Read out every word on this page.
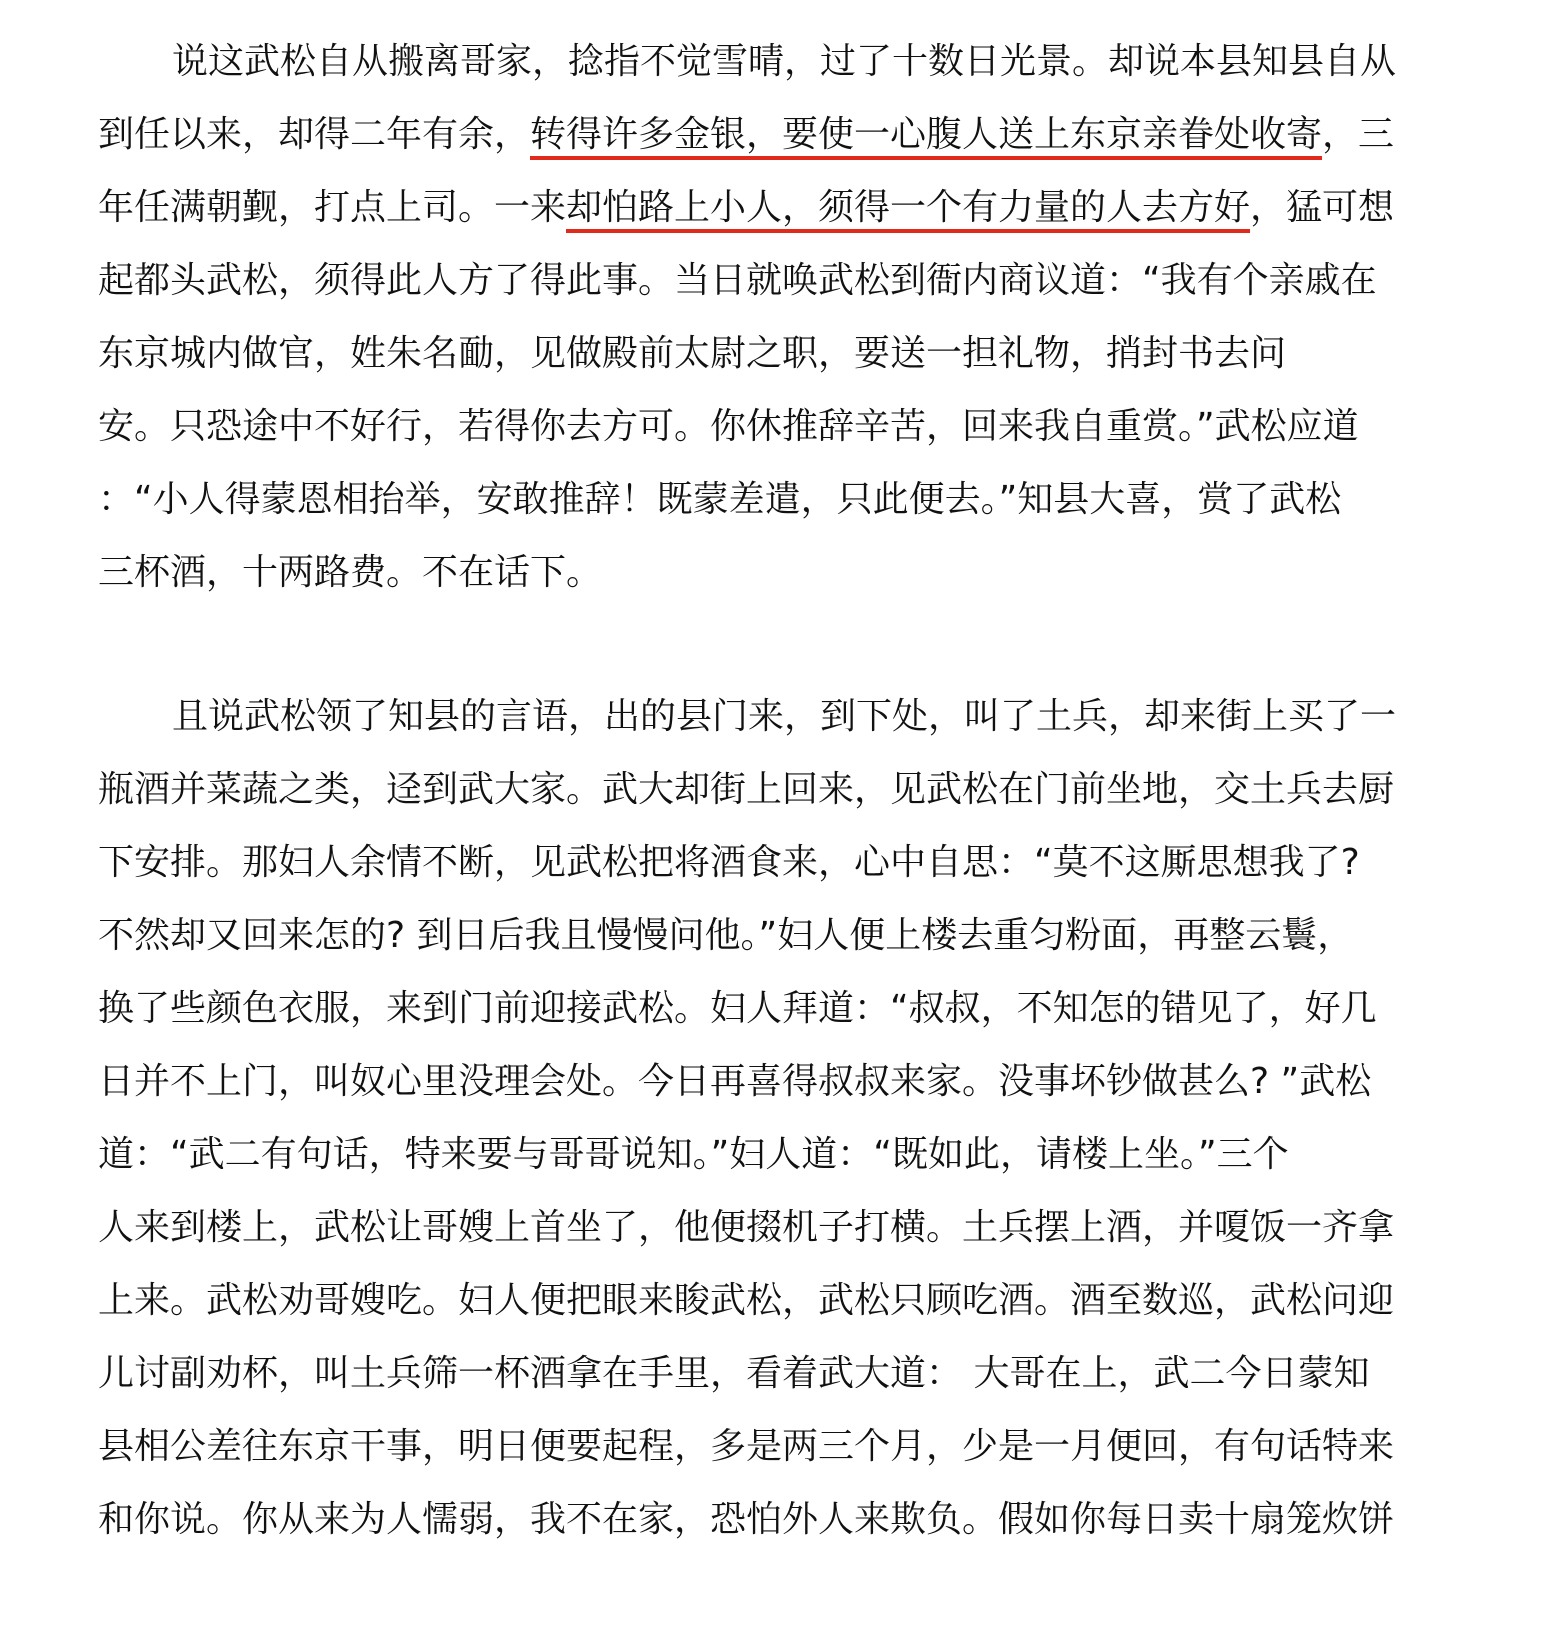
说这武松自从搬离哥家，捻指不觉雪晴，过了十数日光景。却说本县知县自从
到任以来，却得二年有余，转得许多金银，要使一心腹人送上东京亲眷处收寄，三
年任满朝觐，打点上司。一来却怕路上小人，须得一个有力量的人去方好，猛可想
起都头武松，须得此人方了得此事。当日就唤武松到衙内商议道：“我有个亲戚在
东京城内做官，姓朱名勔，见做殿前太尉之职，要送一担礼物，捎封书去问
安。只恐途中不好行，若得你去方可。你休推辞辛苦，回来我自重赏。”武松应道
：“小人得蒙恩相抬举，安敢推辞！既蒙差遣，只此便去。”知县大喜，赏了武松
三杯酒，十两路费。不在话下。
且说武松领了知县的言语，出的县门来，到下处，叫了土兵，却来街上买了一
瓶酒并菜蔬之类，迳到武大家。武大却街上回来，见武松在门前坐地，交土兵去厨
下安排。那妇人余情不断，见武松把将酒食来，心中自思：“莫不这厮思想我了?
不然却又回来怎的? 到日后我且慢慢问他。”妇人便上楼去重匀粉面，再整云鬟，
换了些颜色衣服，来到门前迎接武松。妇人拜道：“叔叔，不知怎的错见了，好几
日并不上门，叫奴心里没理会处。今日再喜得叔叔来家。没事坏钞做甚么? ”武松
道：“武二有句话，特来要与哥哥说知。”妇人道：“既如此，请楼上坐。”三个
人来到楼上，武松让哥嫂上首坐了，他便掇机子打横。土兵摆上酒，并嗄饭一齐拿
上来。武松劝哥嫂吃。妇人便把眼来睃武松，武松只顾吃酒。酒至数巡，武松问迎
儿讨副劝杯，叫土兵筛一杯酒拿在手里，看着武大道： 大哥在上，武二今日蒙知
县相公差往东京干事，明日便要起程，多是两三个月，少是一月便回，有句话特来
和你说。你从来为人懦弱，我不在家，恐怕外人来欺负。假如你每日卖十扇笼炊饼
